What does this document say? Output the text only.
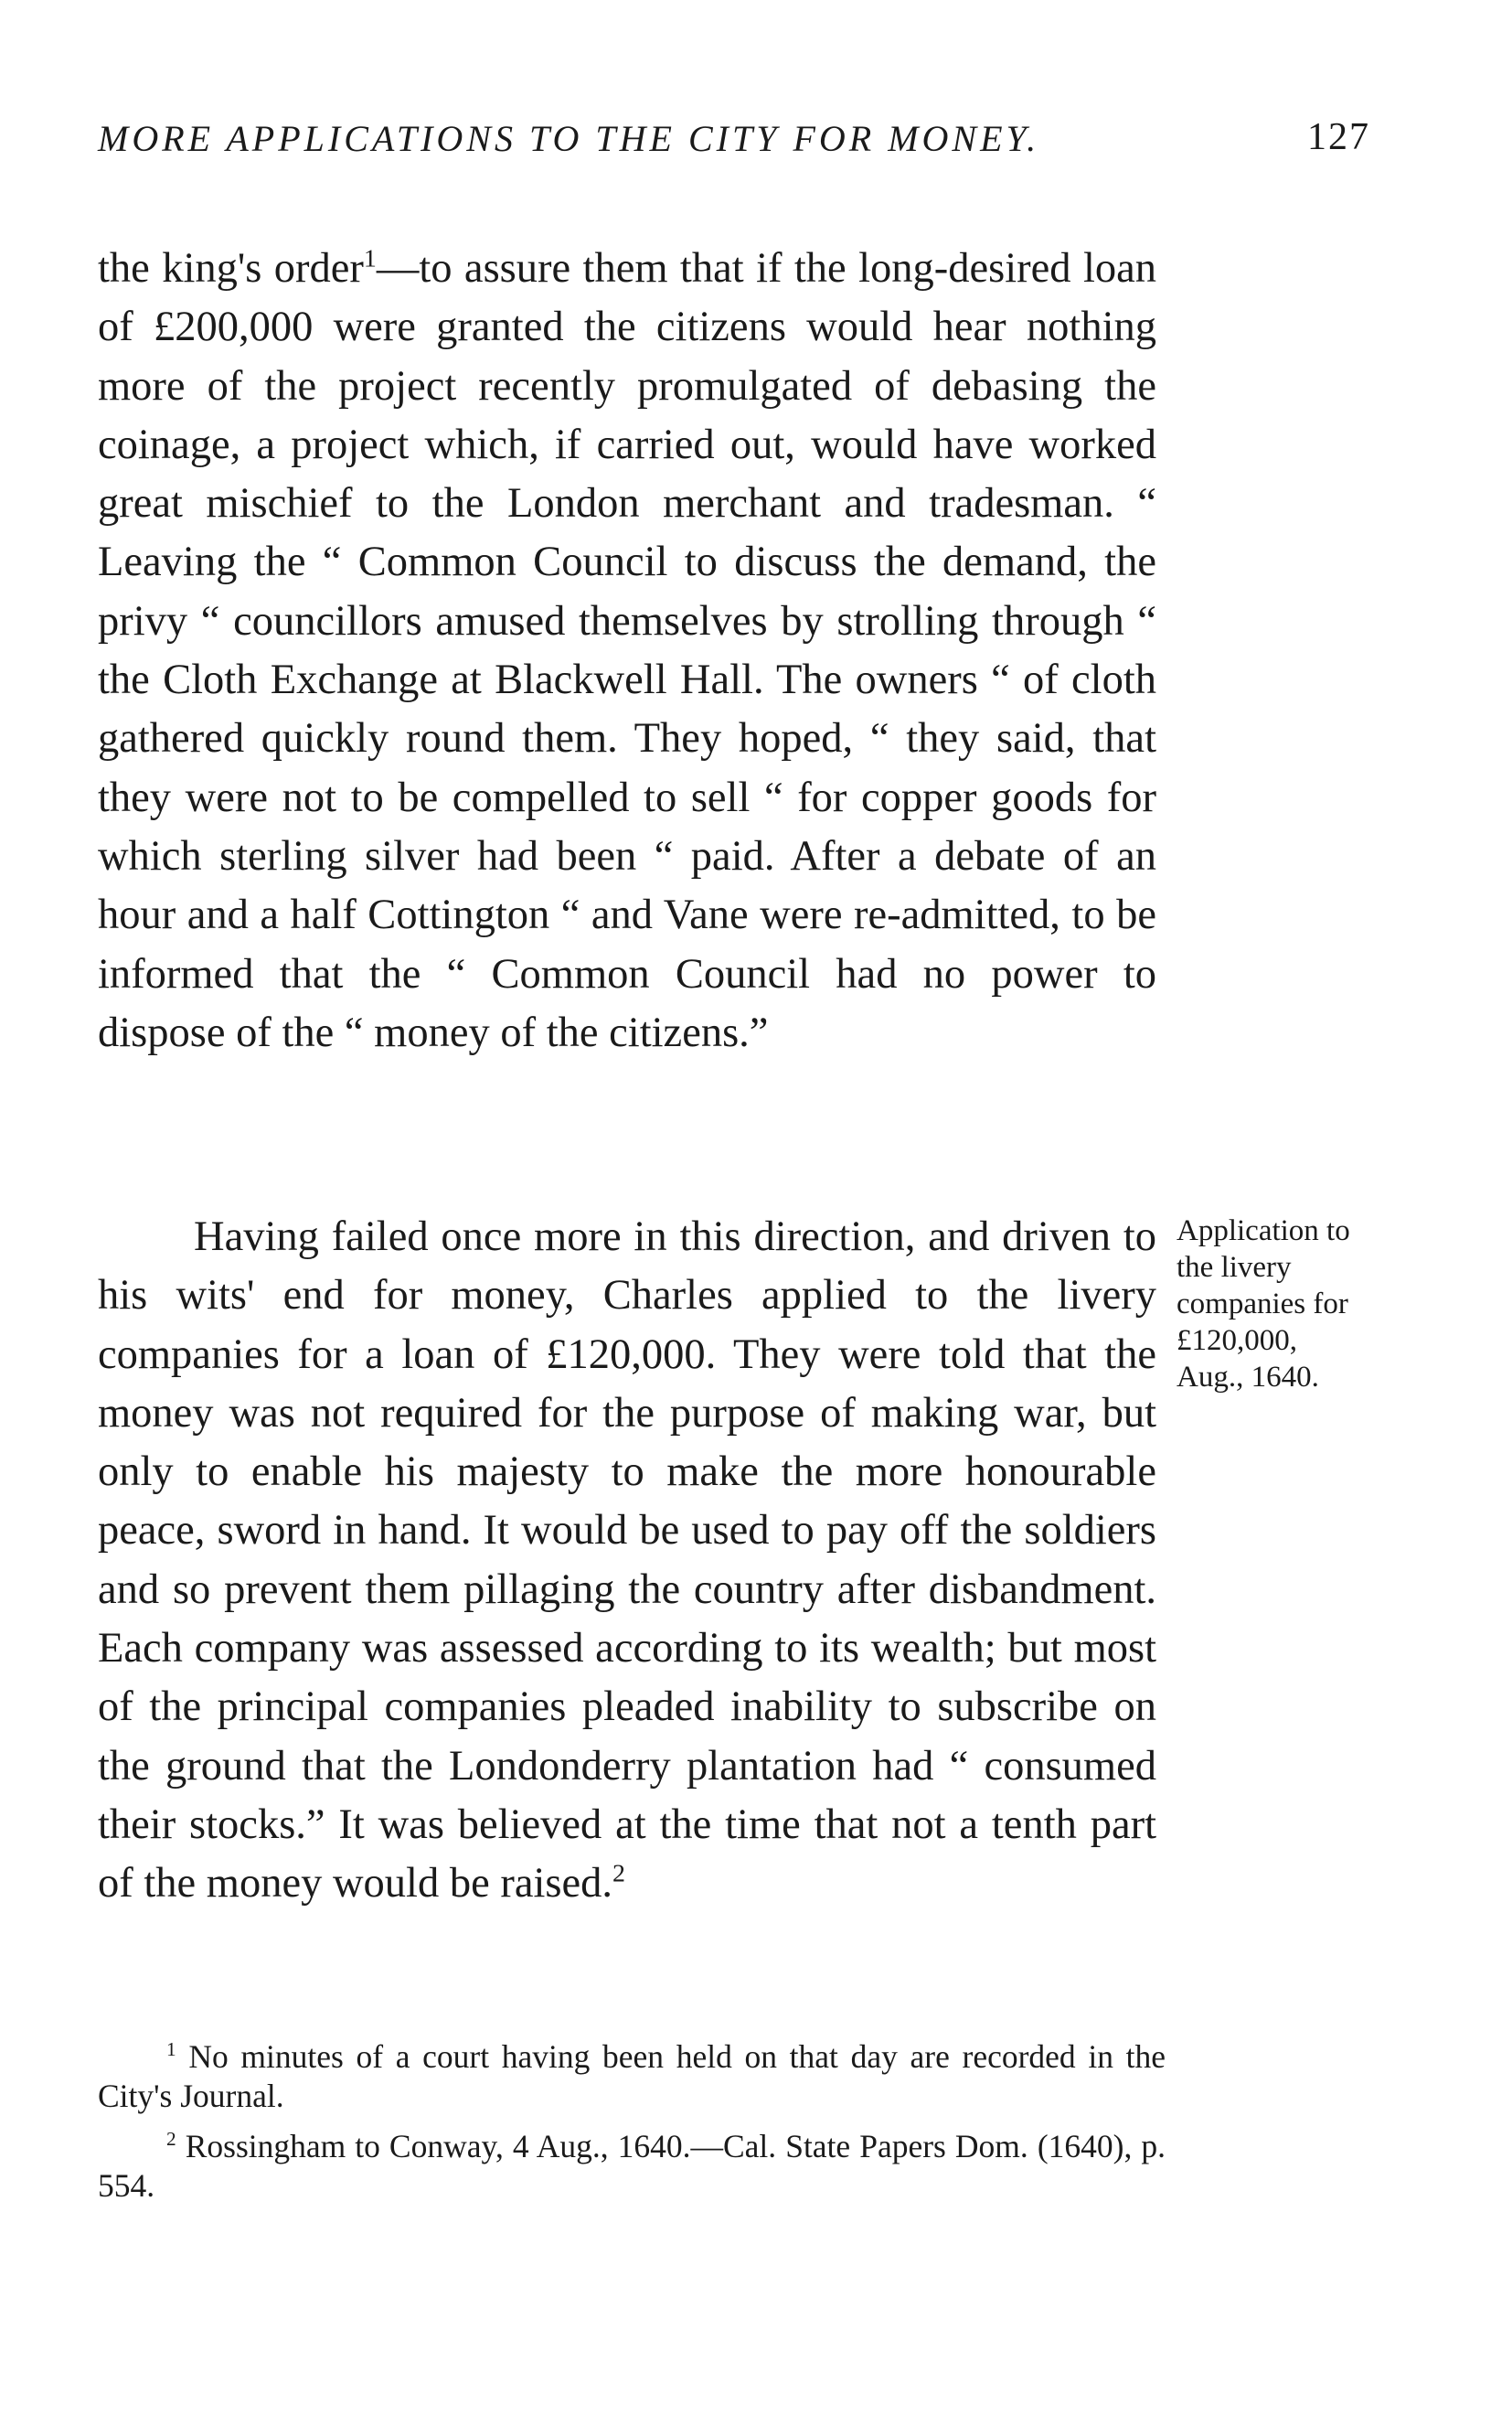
MORE APPLICATIONS TO THE CITY FOR MONEY.	127

the king's order$^1$—to assure them that if the long-desired loan of £200,000 were granted the citizens would hear nothing more of the project recently promulgated of debasing the coinage, a project which, if carried out, would have worked great mischief to the London merchant and tradesman. “ Leaving the “ Common Council to discuss the demand, the privy “ councillors amused themselves by strolling through “ the Cloth Exchange at Blackwell Hall. The owners “ of cloth gathered quickly round them. They hoped, “ they said, that they were not to be compelled to sell “ for copper goods for which sterling silver had been “ paid. After a debate of an hour and a half Cottington “ and Vane were re-admitted, to be informed that the “ Common Council had no power to dispose of the “ money of the citizens.”

Having failed once more in this direction, and driven to his wits' end for money, Charles applied to the livery companies for a loan of £120,000. They were told that the money was not required for the purpose of making war, but only to enable his majesty to make the more honourable peace, sword in hand. It would be used to pay off the soldiers and so prevent them pillaging the country after disbandment. Each company was assessed according to its wealth; but most of the principal companies pleaded inability to subscribe on the ground that the Londonderry plantation had “ consumed their stocks.” It was believed at the time that not a tenth part of the money would be raised.$^2$

Application to
the livery
companies for
£120,000,
Aug., 1640.

$^1$ No minutes of a court having been held on that day are recorded in the City's Journal.

$^2$ Rossingham to Conway, 4 Aug., 1640.—Cal. State Papers Dom. (1640), p. 554.
